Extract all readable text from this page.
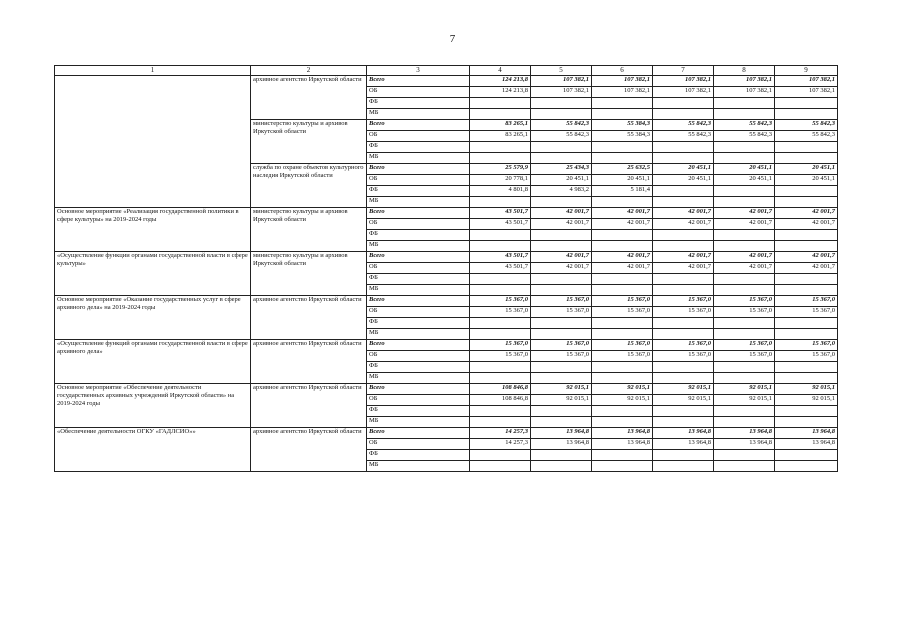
7
1	2	3	4	5	6	7	8	9
	архивное агентство Иркутской области	Всего	124 213,8	107 382,1	107 382,1	107 382,1	107 382,1	107 382,1
		ОБ	124 213,8	107 382,1	107 382,1	107 382,1	107 382,1	107 382,1
		ФБ						
		МБ						
	министерство культуры и архивов Иркутской области	Всего	83 265,1	55 842,3	55 384,3	55 842,3	55 842,3	55 842,3
		ОБ	83 265,1	55 842,3	55 384,3	55 842,3	55 842,3	55 842,3
		ФБ						
		МБ						
	служба по охране объектов культурного наследия Иркутской области	Всего	25 579,9	25 434,3	25 632,5	20 451,1	20 451,1	20 451,1
		ОБ	20 778,1	20 451,1	20 451,1	20 451,1	20 451,1	20 451,1
		ФБ	4 801,8	4 983,2	5 181,4			
		МБ						
Основное мероприятие «Реализация государственной политики в сфере культуры» на 2019-2024 годы	министерство культуры и архивов Иркутской области	Всего	43 501,7	42 001,7	42 001,7	42 001,7	42 001,7	42 001,7
		ОБ	43 501,7	42 001,7	42 001,7	42 001,7	42 001,7	42 001,7
		ФБ						
		МБ						
«Осуществление функции органами государственной власти в сфере культуры»	министерство культуры и архивов Иркутской области	Всего	43 501,7	42 001,7	42 001,7	42 001,7	42 001,7	42 001,7
		ОБ	43 501,7	42 001,7	42 001,7	42 001,7	42 001,7	42 001,7
		ФБ						
		МБ						
Основное мероприятие «Оказание государственных услуг в сфере архивного дела» на 2019-2024 годы	архивное агентство Иркутской области	Всего	15 367,0	15 367,0	15 367,0	15 367,0	15 367,0	15 367,0
		ОБ	15 367,0	15 367,0	15 367,0	15 367,0	15 367,0	15 367,0
		ФБ						
		МБ						
«Осуществление функций органами государственной власти в сфере архивного дела»	архивное агентство Иркутской области	Всего	15 367,0	15 367,0	15 367,0	15 367,0	15 367,0	15 367,0
		ОБ	15 367,0	15 367,0	15 367,0	15 367,0	15 367,0	15 367,0
		ФБ						
		МБ						
Основное мероприятие «Обеспечение деятельности государственных архивных учреждений Иркутской области» на 2019-2024 годы	архивное агентство Иркутской области	Всего	108 846,8	92 015,1	92 015,1	92 015,1	92 015,1	92 015,1
		ОБ	108 846,8	92 015,1	92 015,1	92 015,1	92 015,1	92 015,1
		ФБ						
		МБ						
«Обеспечение деятельности ОГКУ «ГАДЛСИО»»	архивное агентство Иркутской области	Всего	14 257,3	13 964,8	13 964,8	13 964,8	13 964,8	13 964,8
		ОБ	14 257,3	13 964,8	13 964,8	13 964,8	13 964,8	13 964,8
		ФБ						
		МБ						
